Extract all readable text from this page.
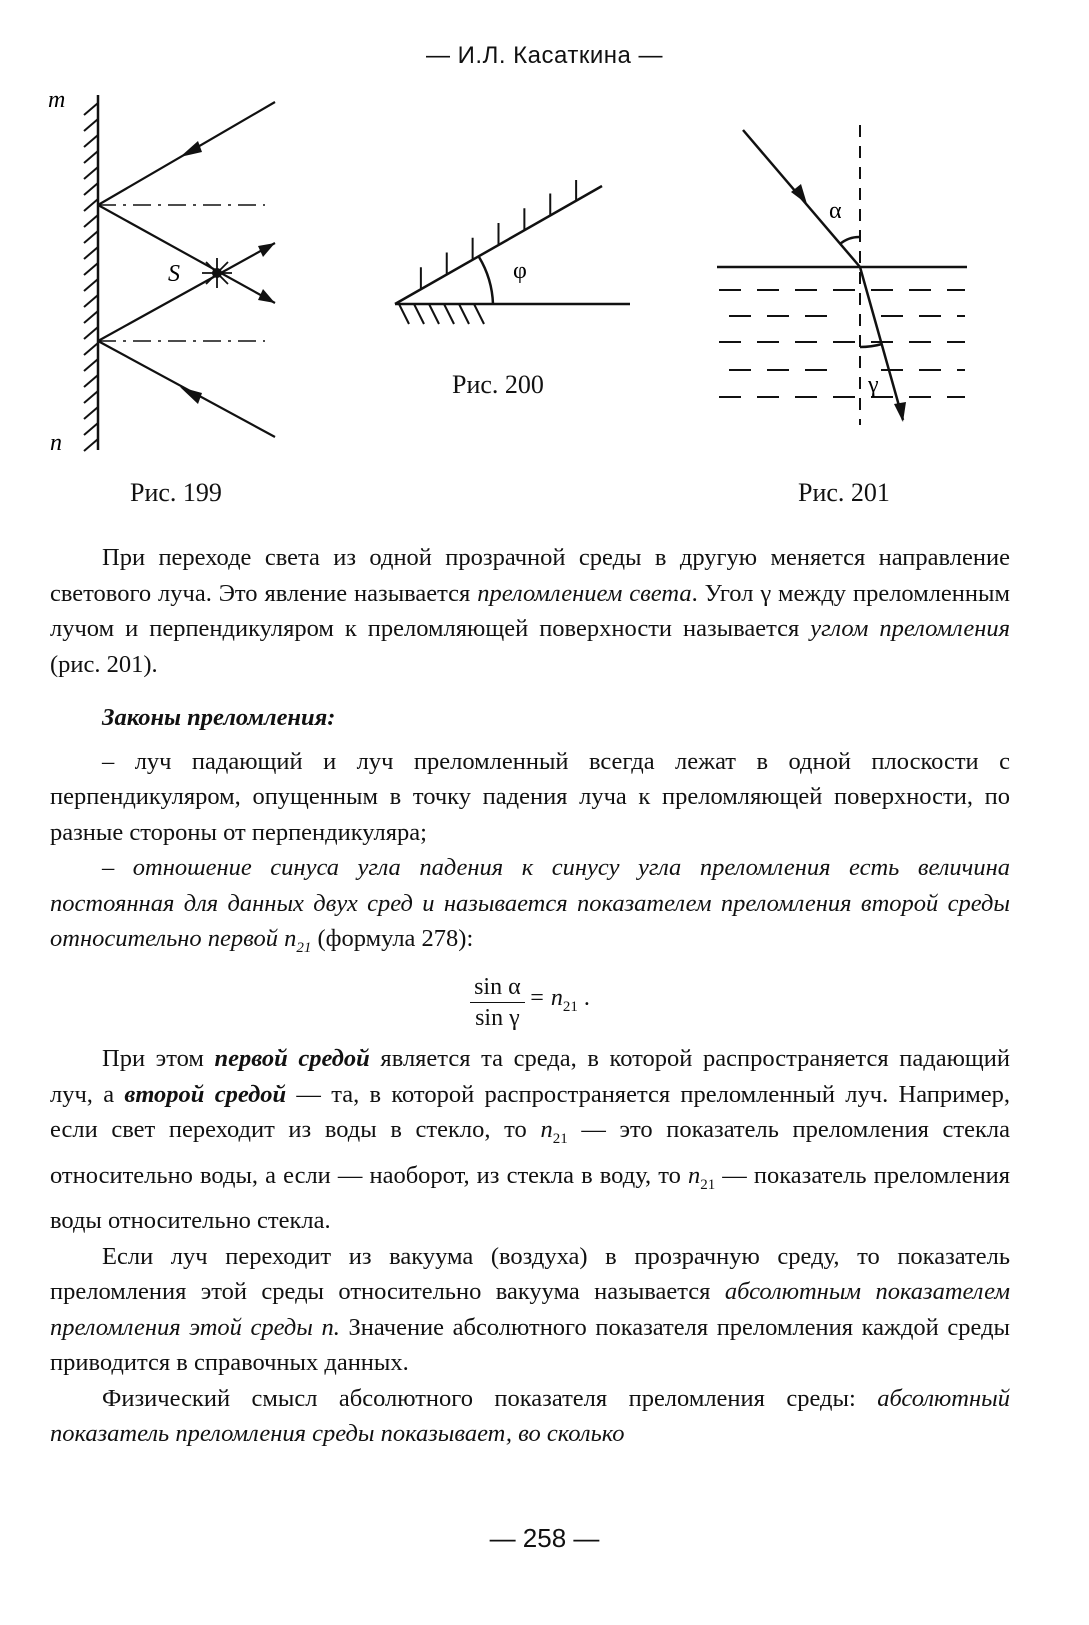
— И.Л. Касаткина —
m
n
S
Рис. 199
φ
Рис. 200
α
γ
Рис. 201

При переходе света из одной прозрачной среды в другую меняется направление светового луча. Это явление называется преломлением света. Угол γ между преломленным лучом и перпендикуляром к преломляющей поверхности называется углом преломления (рис. 201).

Законы преломления:

– луч падающий и луч преломленный всегда лежат в одной плоскости с перпендикуляром, опущенным в точку падения луча к преломляющей поверхности, по разные стороны от перпендикуляра;

– отношение синуса угла падения к синусу угла преломления есть величина постоянная для данных двух сред и называется показателем преломления второй среды относительно первой $n_{21}$ (формула 278):

$\frac{\text{sin α}}{\text{sin γ}} = n_{21}$ .

При этом первой средой является та среда, в которой распространяется падающий луч, а второй средой — та, в которой распространяется преломленный луч. Например, если свет переходит из воды в стекло, то $n_{21}$ — это показатель преломления стекла относительно воды, а если — наоборот, из стекла в воду, то $n_{21}$ — показатель преломления воды относительно стекла.

Если луч переходит из вакуума (воздуха) в прозрачную среду, то показатель преломления этой среды относительно вакуума называется абсолютным показателем преломления этой среды n. Значение абсолютного показателя преломления каждой среды приводится в справочных данных.

Физический смысл абсолютного показателя преломления среды: абсолютный показатель преломления среды показывает, во сколько

— 258 —
